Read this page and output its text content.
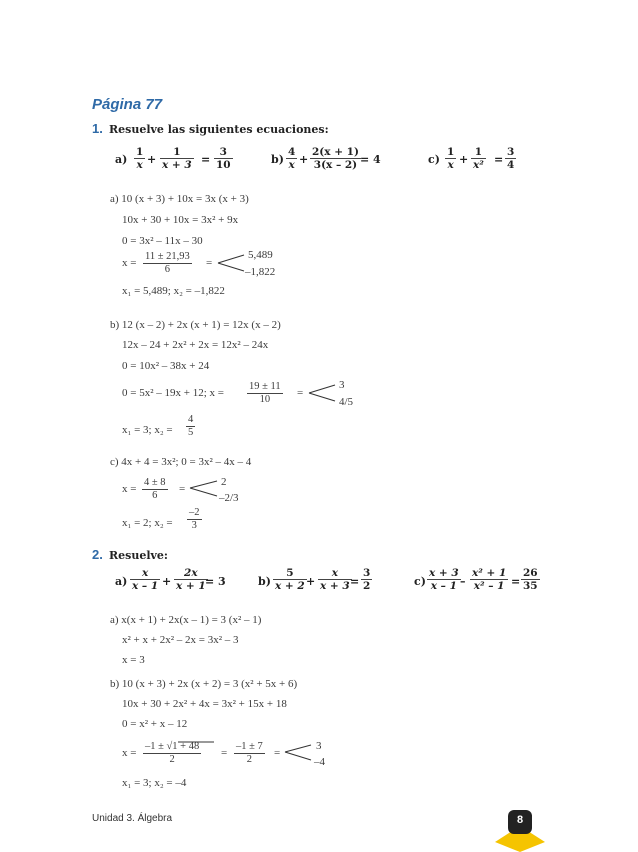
Página 77
1. Resuelve las siguientes ecuaciones:
$a) \frac{1}{x} + \frac{1}{x + 3} = \frac{3}{10}$	$b) \frac{4}{x} + \frac{2(x + 1)}{3(x - 2)} = 4$	$c) \frac{1}{x} + \frac{1}{\text{x²}} = \frac{3}{4}$
a) 10 (x + 3) + 10x = 3x (x + 3)
10x + 30 + 10x = 3x² + 9x
0 = 3x² – 11x – 30
$x = \frac{11 \pm 21,93}{6}$ =
5,489
–1,822
x₁ = 5,489; x₂ = –1,822
b) 12 (x – 2) + 2x (x + 1) = 12x (x – 2)
12x – 24 + 2x² + 2x = 12x² – 24x
0 = 10x² – 38x + 24
0 = 5x² – 19x + 12; $x = \frac{19 \pm 11}{10}$ =
3
4/5
x₁ = 3; $x_2 = \frac{4}{5}$
c) 4x + 4 = 3x²; 0 = 3x² – 4x – 4
$x = \frac{4 \pm 8}{6}$ =
2
–2/3
x₁ = 2; $x_2 = \frac{-2}{3}$
2. Resuelve:
$a) \frac{x}{x - 1} + \frac{2x}{x + 1}$
= 3	$b) \frac{5}{x + 2} + \frac{x}{x + 3}$
= $\frac{3}{2}$	$c) \frac{x + 3}{x - 1} - \frac{\text{x² + 1}}{\text{x² – 1}} = \frac{26}{35}$
a) x(x + 1) + 2x(x – 1) = 3 (x² – 1)
x² + x + 2x² – 2x = 3x² – 3
x = 3
b) 10 (x + 3) + 2x (x + 2) = 3 (x² + 5x + 6)
10x + 30 + 2x² + 4x = 3x² + 15x + 18
0 = x² + x – 12
$x = \frac{-1 \pm √1 + 48}{2} = \frac{-1 \pm 7}{2}$ =
3
–4
x₁ = 3; x₂ = –4
Unidad 3. Álgebra	8
